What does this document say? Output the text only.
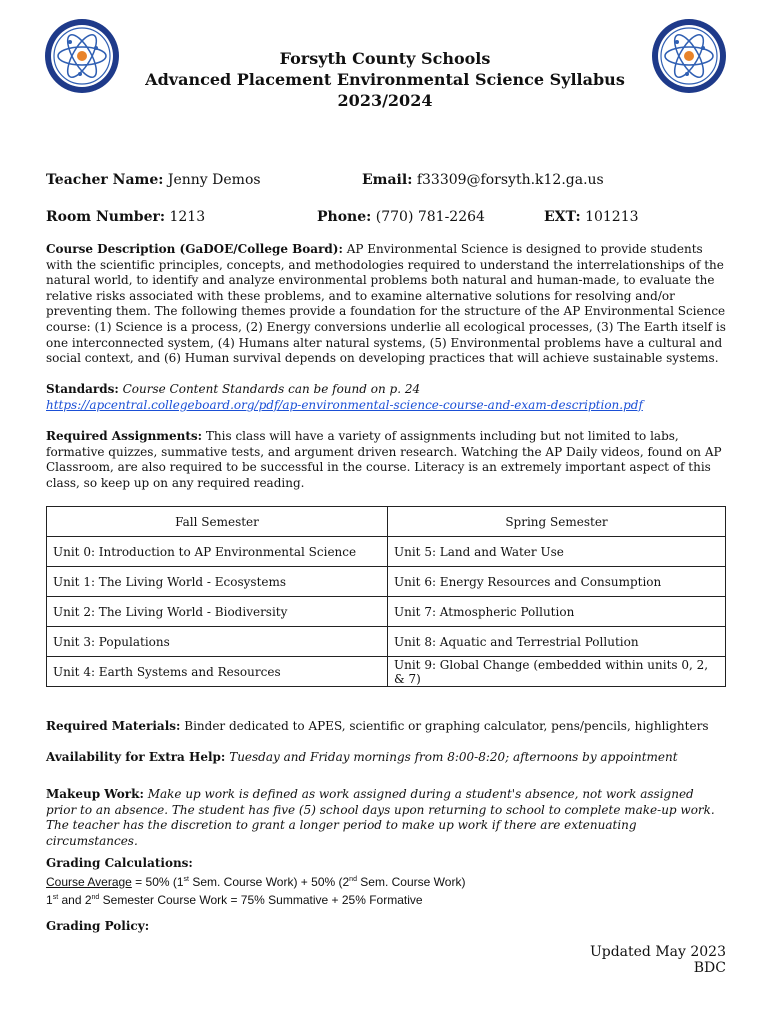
Forsyth County Schools
Advanced Placement Environmental Science Syllabus
2023/2024
Teacher Name: Jenny Demos	Email: f33309@forsyth.k12.ga.us
Room Number: 1213	Phone: (770) 781-2264	EXT: 101213
Course Description (GaDOE/College Board): AP Environmental Science is designed to provide students with the scientific principles, concepts, and methodologies required to understand the interrelationships of the natural world, to identify and analyze environmental problems both natural and human-made, to evaluate the relative risks associated with these problems, and to examine alternative solutions for resolving and/or preventing them. The following themes provide a foundation for the structure of the AP Environmental Science course: (1) Science is a process, (2) Energy conversions underlie all ecological processes, (3) The Earth itself is one interconnected system, (4) Humans alter natural systems, (5) Environmental problems have a cultural and social context, and (6) Human survival depends on developing practices that will achieve sustainable systems.
Standards: Course Content Standards can be found on p. 24
https://apcentral.collegeboard.org/pdf/ap-environmental-science-course-and-exam-description.pdf
Required Assignments: This class will have a variety of assignments including but not limited to labs, formative quizzes, summative tests, and argument driven research. Watching the AP Daily videos, found on AP Classroom, are also required to be successful in the course. Literacy is an extremely important aspect of this class, so keep up on any required reading.
Fall Semester	Spring Semester
Unit 0: Introduction to AP Environmental Science	Unit 5: Land and Water Use
Unit 1: The Living World - Ecosystems	Unit 6: Energy Resources and Consumption
Unit 2: The Living World - Biodiversity	Unit 7: Atmospheric Pollution
Unit 3: Populations	Unit 8: Aquatic and Terrestrial Pollution
Unit 4: Earth Systems and Resources	Unit 9: Global Change (embedded within units 0, 2, & 7)
Required Materials: Binder dedicated to APES, scientific or graphing calculator, pens/pencils, highlighters
Availability for Extra Help: Tuesday and Friday mornings from 8:00-8:20; afternoons by appointment
Makeup Work: Make up work is defined as work assigned during a student's absence, not work assigned prior to an absence. The student has five (5) school days upon returning to school to complete make-up work. The teacher has the discretion to grant a longer period to make up work if there are extenuating circumstances.
Grading Calculations:
Course Average = 50% (1st Sem. Course Work) + 50% (2nd Sem. Course Work)
1st and 2nd Semester Course Work = 75% Summative + 25% Formative
Grading Policy:
Updated May 2023 BDC
